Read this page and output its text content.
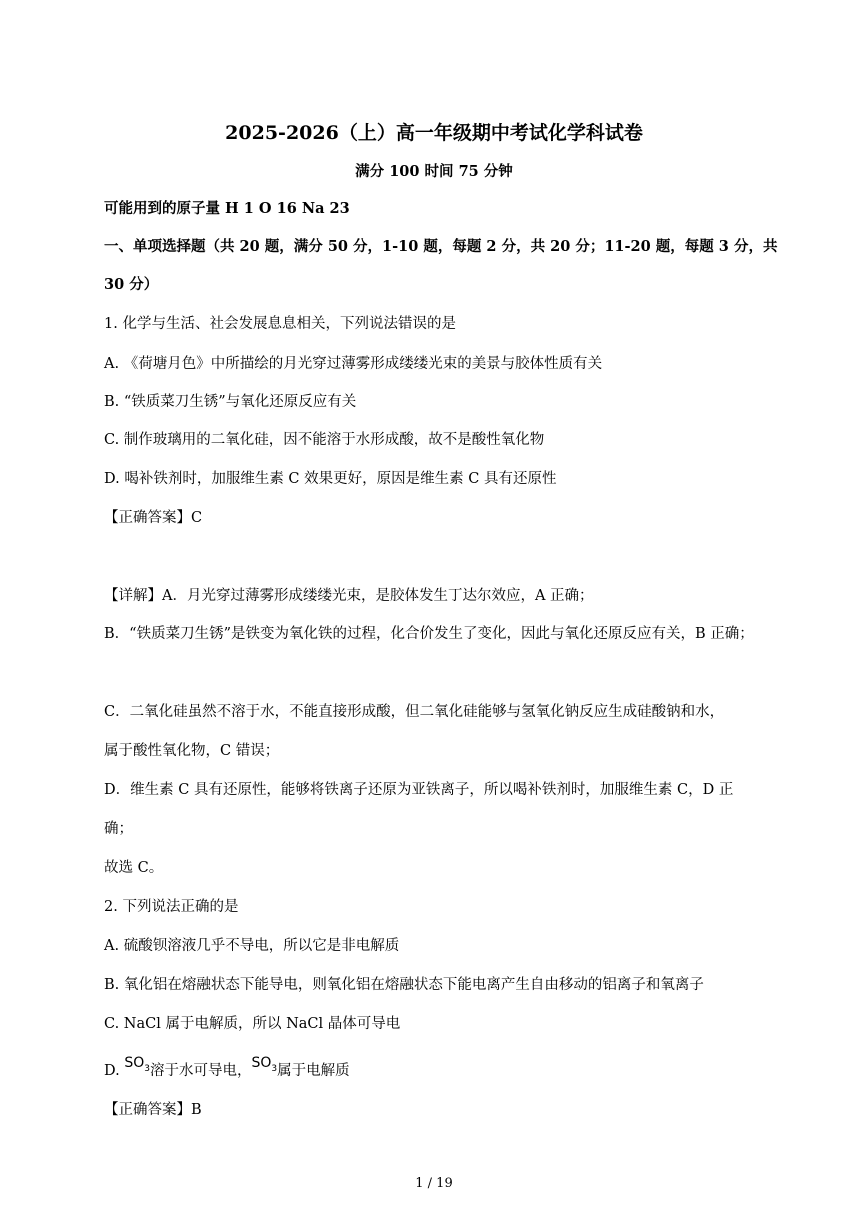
2025-2026（上）高一年级期中考试化学科试卷
满分 100 时间 75 分钟
可能用到的原子量 H 1 O 16 Na 23
一、单项选择题（共 20 题，满分 50 分，1-10 题，每题 2 分，共 20 分；11-20 题，每题 3 分，共
30 分）
1. 化学与生活、社会发展息息相关，下列说法错误的是
A. 《荷塘月色》中所描绘的月光穿过薄雾形成缕缕光束的美景与胶体性质有关
B. “铁质菜刀生锈”与氧化还原反应有关
C. 制作玻璃用的二氧化硅，因不能溶于水形成酸，故不是酸性氧化物
D. 喝补铁剂时，加服维生素 C 效果更好，原因是维生素 C 具有还原性
【正确答案】C
【详解】A．月光穿过薄雾形成缕缕光束，是胶体发生丁达尔效应，A 正确；
B．“铁质菜刀生锈”是铁变为氧化铁的过程，化合价发生了变化，因此与氧化还原反应有关，B 正确；
C．二氧化硅虽然不溶于水，不能直接形成酸，但二氧化硅能够与氢氧化钠反应生成硅酸钠和水，
属于酸性氧化物，C 错误；
D．维生素 C 具有还原性，能够将铁离子还原为亚铁离子，所以喝补铁剂时，加服维生素 C，D 正
确；
故选 C。
2. 下列说法正确的是
A. 硫酸钡溶液几乎不导电，所以它是非电解质
B. 氧化铝在熔融状态下能导电，则氧化铝在熔融状态下能电离产生自由移动的铝离子和氧离子
C. NaCl 属于电解质，所以 NaCl 晶体可导电
D. $SO_3$溶于水可导电，$SO_3$属于电解质
【正确答案】B
1 / 19
